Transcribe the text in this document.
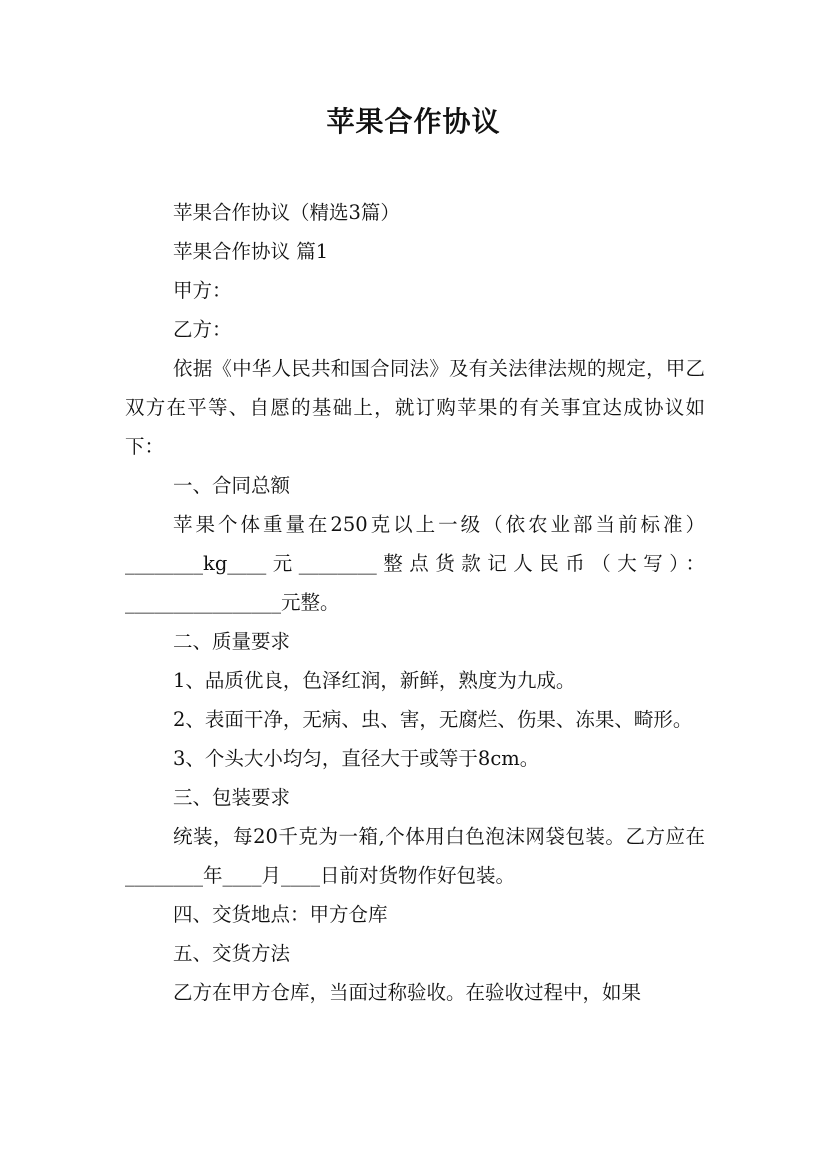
苹果合作协议

苹果合作协议（精选3篇）

苹果合作协议 篇1

甲方：

乙方：

依据《中华人民共和国合同法》及有关法律法规的规定，甲乙双方在平等、自愿的基础上，就订购苹果的有关事宜达成协议如下：

一、合同总额

苹果个体重量在250克以上一级（依农业部当前标准）________kg____元________整点货款记人民币（大写）：________________元整。

二、质量要求

1、品质优良，色泽红润，新鲜，熟度为九成。

2、表面干净，无病、虫、害，无腐烂、伤果、冻果、畸形。

3、个头大小均匀，直径大于或等于8cm。

三、包装要求

统装，每20千克为一箱,个体用白色泡沫网袋包装。乙方应在________年____月____日前对货物作好包装。

四、交货地点：甲方仓库

五、交货方法

乙方在甲方仓库，当面过称验收。在验收过程中，如果
